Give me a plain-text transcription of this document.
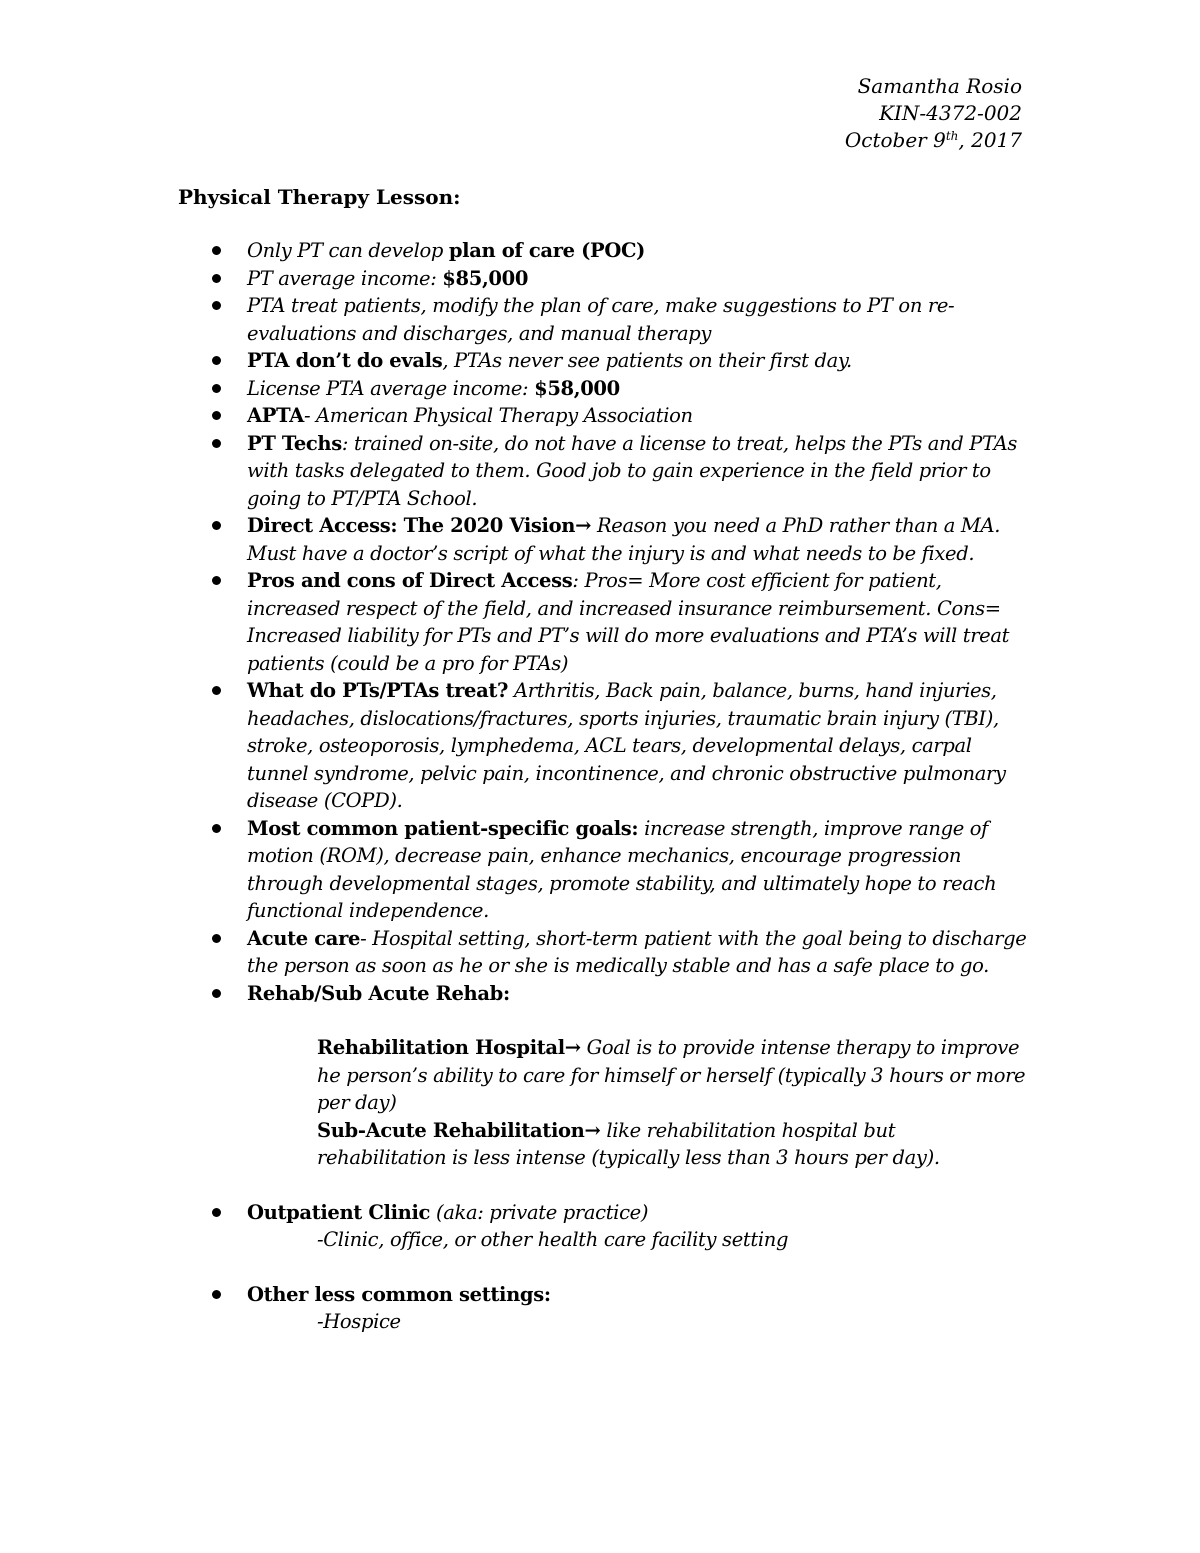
Samantha Rosio
KIN-4372-002
October 9th, 2017
Physical Therapy Lesson:
Only PT can develop plan of care (POC)
PT average income: $85,000
PTA treat patients, modify the plan of care, make suggestions to PT on re-evaluations and discharges, and manual therapy
PTA don’t do evals, PTAs never see patients on their first day.
License PTA average income: $58,000
APTA- American Physical Therapy Association
PT Techs: trained on-site, do not have a license to treat, helps the PTs and PTAs with tasks delegated to them. Good job to gain experience in the field prior to going to PT/PTA School.
Direct Access: The 2020 Vision→ Reason you need a PhD rather than a MA. Must have a doctor’s script of what the injury is and what needs to be fixed.
Pros and cons of Direct Access: Pros= More cost efficient for patient, increased respect of the field, and increased insurance reimbursement. Cons= Increased liability for PTs and PT’s will do more evaluations and PTA’s will treat patients (could be a pro for PTAs)
What do PTs/PTAs treat? Arthritis, Back pain, balance, burns, hand injuries, headaches, dislocations/fractures, sports injuries, traumatic brain injury (TBI), stroke, osteoporosis, lymphedema, ACL tears, developmental delays, carpal tunnel syndrome, pelvic pain, incontinence, and chronic obstructive pulmonary disease (COPD).
Most common patient-specific goals: increase strength, improve range of motion (ROM), decrease pain, enhance mechanics, encourage progression through developmental stages, promote stability, and ultimately hope to reach functional independence.
Acute care- Hospital setting, short-term patient with the goal being to discharge the person as soon as he or she is medically stable and has a safe place to go.
Rehab/Sub Acute Rehab:
Rehabilitation Hospital→ Goal is to provide intense therapy to improve he person’s ability to care for himself or herself (typically 3 hours or more per day)
Sub-Acute Rehabilitation→ like rehabilitation hospital but rehabilitation is less intense (typically less than 3 hours per day).
Outpatient Clinic (aka: private practice)
-Clinic, office, or other health care facility setting
Other less common settings:
-Hospice
